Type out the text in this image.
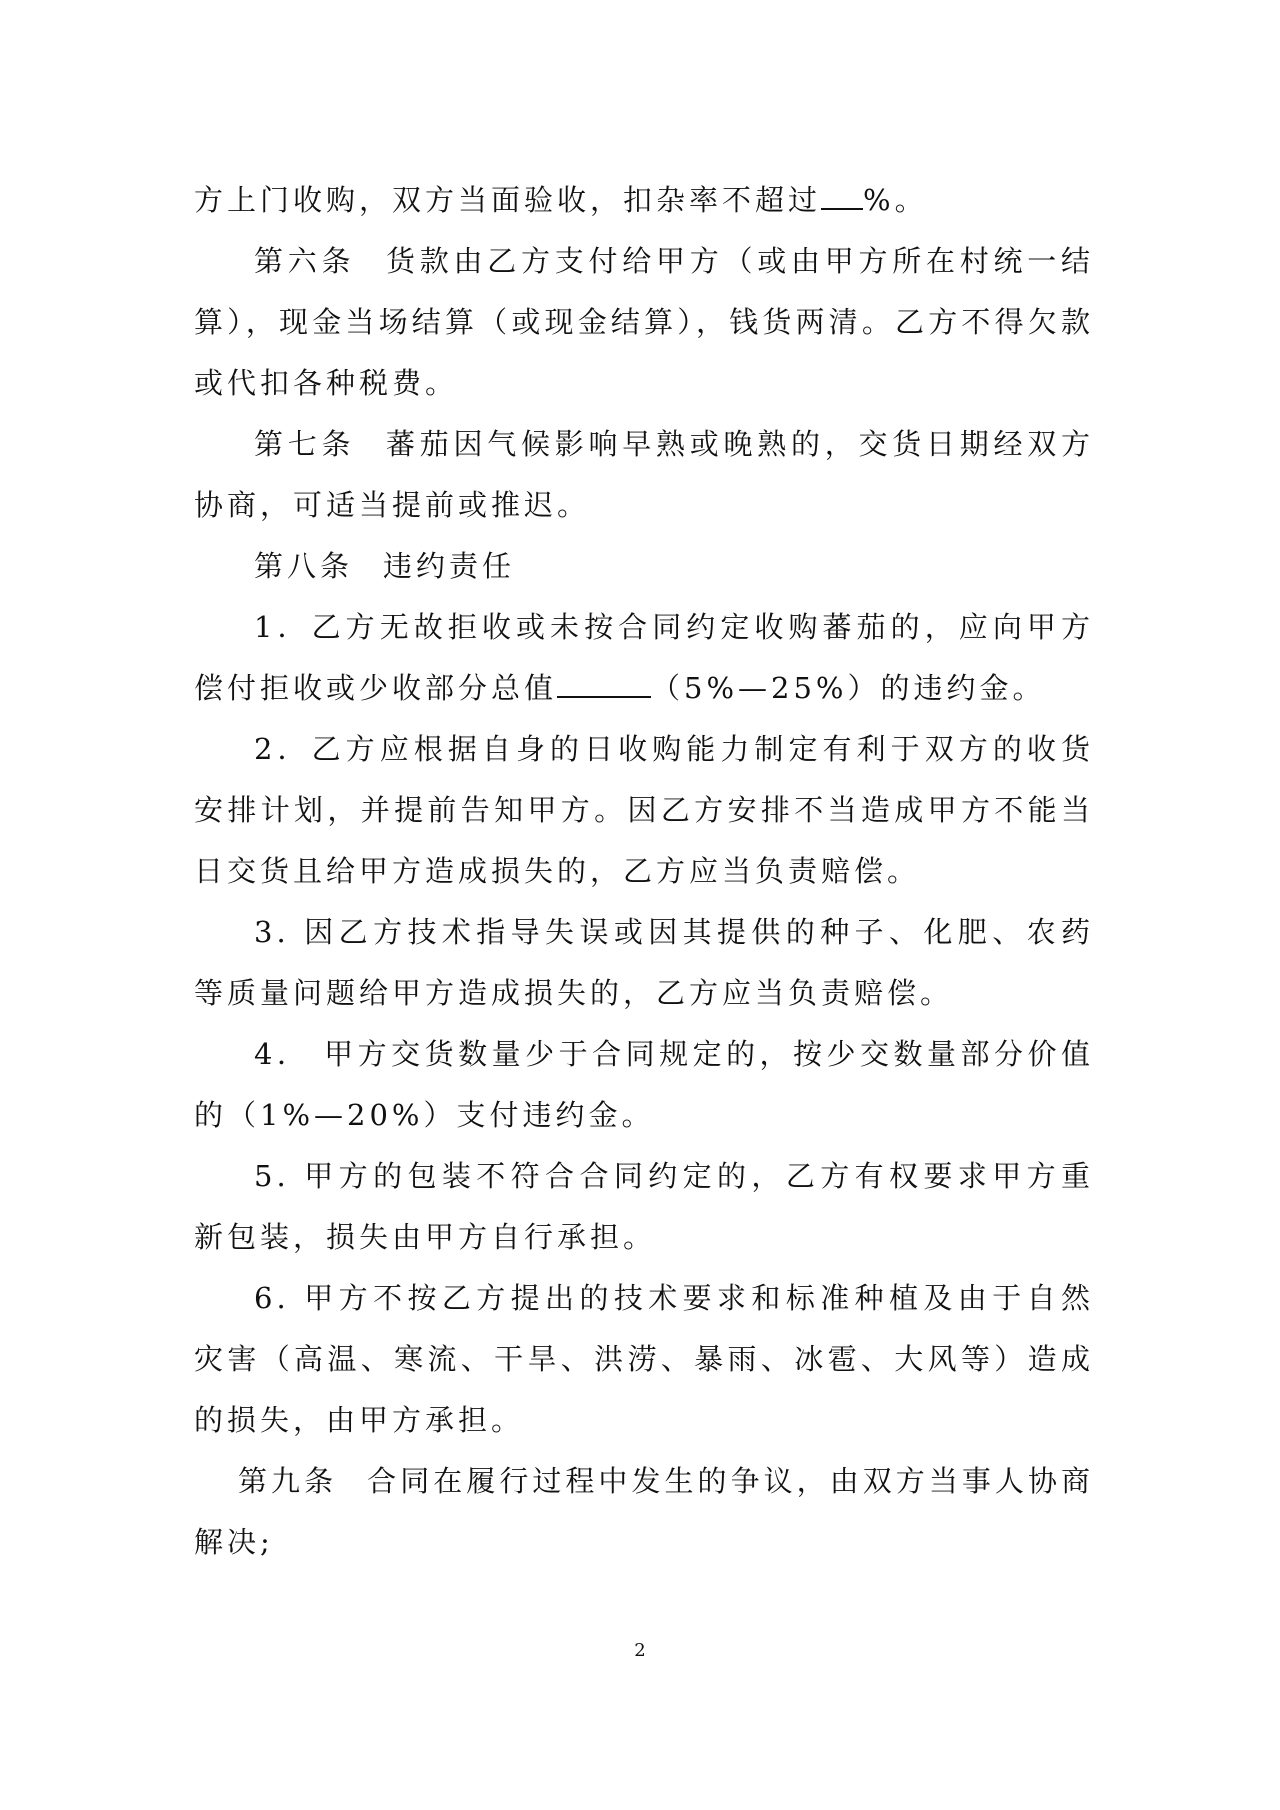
方上门收购，双方当面验收，扣杂率不超过 %。

第六条 货款由乙方支付给甲方（或由甲方所在村统一结算），现金当场结算（或现金结算），钱货两清。乙方不得欠款或代扣各种税费。

第七条 蕃茄因气候影响早熟或晚熟的，交货日期经双方协商，可适当提前或推迟。

第八条 违约责任

1．乙方无故拒收或未按合同约定收购蕃茄的，应向甲方偿付拒收或少收部分总值	（5%—25%）的违约金。

2．乙方应根据自身的日收购能力制定有利于双方的收货安排计划，并提前告知甲方。因乙方安排不当造成甲方不能当日交货且给甲方造成损失的，乙方应当负责赔偿。

3. 因乙方技术指导失误或因其提供的种子、化肥、农药等质量问题给甲方造成损失的，乙方应当负责赔偿。

4． 甲方交货数量少于合同规定的，按少交数量部分价值的（1%—20%）支付违约金。

5. 甲方的包装不符合合同约定的，乙方有权要求甲方重新包装，损失由甲方自行承担。

6. 甲方不按乙方提出的技术要求和标准种植及由于自然灾害（高温、寒流、干旱、洪涝、暴雨、冰雹、大风等）造成的损失，由甲方承担。

第九条 合同在履行过程中发生的争议，由双方当事人协商解决;

2
